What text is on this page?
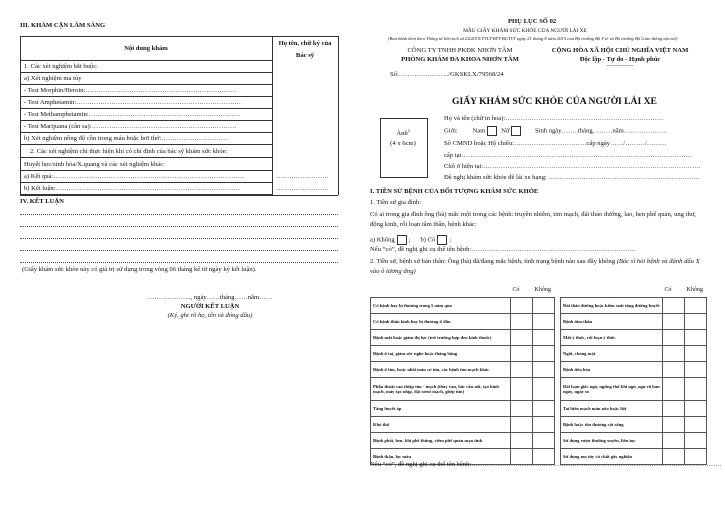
III. KHÁM CẬN LÂM SÀNG
Nội dung khám
Họ tên, chữ ký của
Bác sỹ
1. Các xét nghiệm bắt buộc:
a) Xét nghiệm ma túy
- Test Morphin/Heroin:……………………………………………………………
- Test Amphetamin:…………………………………………………………………
- Test Methamphetamin:……………………………………………………………
- Test Marijuana (cần sa):…………………………………………………………
b) Xét nghiệm nồng độ cồn trong máu hoặc hơi thở:…………………………
2. Các xét nghiệm chỉ thực hiện khi có chỉ định của bác sỹ khám sức khỏe:
Huyết học/sinh hóa/X.quang và các xét nghiệm khác:
a) Kết quả:……………………………………………………………………………	……………………
b) Kết luận:…………………………………………………………………………	……………………
IV. KẾT LUẬN
(Giấy khám sức khỏe này có giá trị sử dụng trong vòng 06 tháng kể từ ngày ký kết luận).
……………….., ngày……tháng……năm……
NGƯỜI KẾT LUẬN
(Ký, ghi rõ họ, tên và đóng dấu)
PHỤ LỤC SỐ 02
MẪU GIẤY KHÁM SỨC KHỎE CỦA NGƯỜI LÁI XE
(Ban hành kèm theo Thông tư liên tịch số 24/2015/TTLT-BYT-BGTVT ngày 21 tháng 8 năm 2015 của Bộ trưởng Bộ Y tế và Bộ trưởng Bộ Giao thông vận tải)
CÔNG TY TNHH PKĐK NHƠN TÂM
PHÒNG KHÁM ĐA KHOA NHƠN TÂM
CỘNG HÒA XÃ HỘI CHỦ NGHĨA VIỆT NAM
Độc lập - Tự do - Hạnh phúc
---------------
Số:…………………../GKSKLX/79568/24
GIẤY KHÁM SỨC KHỎE CỦA NGƯỜI LÁI XE
Ảnh$^4$
(4 x 6cm)
Họ và tên (chữ in hoa):………………………………………………………………
Giới: Nam Nữ	Sinh ngày……..tháng………năm………………..
Số CMND hoặc Hộ chiếu:……………………………cấp ngày……/………/………
cấp tại……………………………………………………………………………………………
Chỗ ở hiện tại:………………………………………………………………………………………
Đề nghị khám sức khỏe để lái xe hạng: ……………………………………………………………
I. TIỀN SỬ BỆNH CỦA ĐỐI TƯỢNG KHÁM SỨC KHỎE
1. Tiền sử gia đình:
Có ai trong gia đình ông (bà) mắc một trong các bệnh: truyền nhiễm, tim mạch, đái tháo đường, lao, hen phế quản, ung thư, động kinh, rối loạn tâm thần, bệnh khác:
a) Không ;      b) Có ;
Nếu “có”, đề nghị ghi cụ thể tên bệnh:…………………………………………………………………
2. Tiền sử, bệnh sử bản thân: Ông (bà) đã/đang mắc bệnh, tình trạng bệnh nào sau đây không (Bác sĩ hỏi bệnh và đánh dấu X vào ô tương ứng)
	Có	Không
Có bệnh hay bị thương trong 5 năm qua		
Có bệnh thần kinh hay bị thương ở đầu		
Bệnh mắt hoặc giảm thị lực (trừ trường hợp đeo kính thuốc)		
Bệnh ở tai, giảm sức nghe hoặc thăng bằng		
Bệnh ở tim, hoặc nhồi máu cơ tim, các bệnh tim mạch khác		
Phẫu thuật can thiệp tim - mạch (thay van, bắc cầu nối, tạo hình mạch, máy tạo nhịp, đặt stent mạch, ghép tim)		
Tăng huyết áp		
Khó thở		
Bệnh phổi, hen, khí phế thũng, viêm phế quản mạn tính		
Bệnh thận, lọc máu		
	Có	Không
Đái tháo đường hoặc kiểm soát tăng đường huyết		
Bệnh tâm thần		
Mất ý thức, rối loạn ý thức		
Ngất, chóng mặt		
Bệnh tiêu hóa		
Rối loạn giấc ngủ, ngừng thở khi ngủ, ngủ rũ ban ngày, ngáy to		
Tai biến mạch máu não hoặc liệt		
Bệnh hoặc tổn thương cột sống		
Sử dụng rượu thường xuyên, liên tục		
Sử dụng ma túy và chất gây nghiện		
Nếu “có”, đề nghị ghi cụ thể tên bệnh:……………………………………………………………………………………………………
